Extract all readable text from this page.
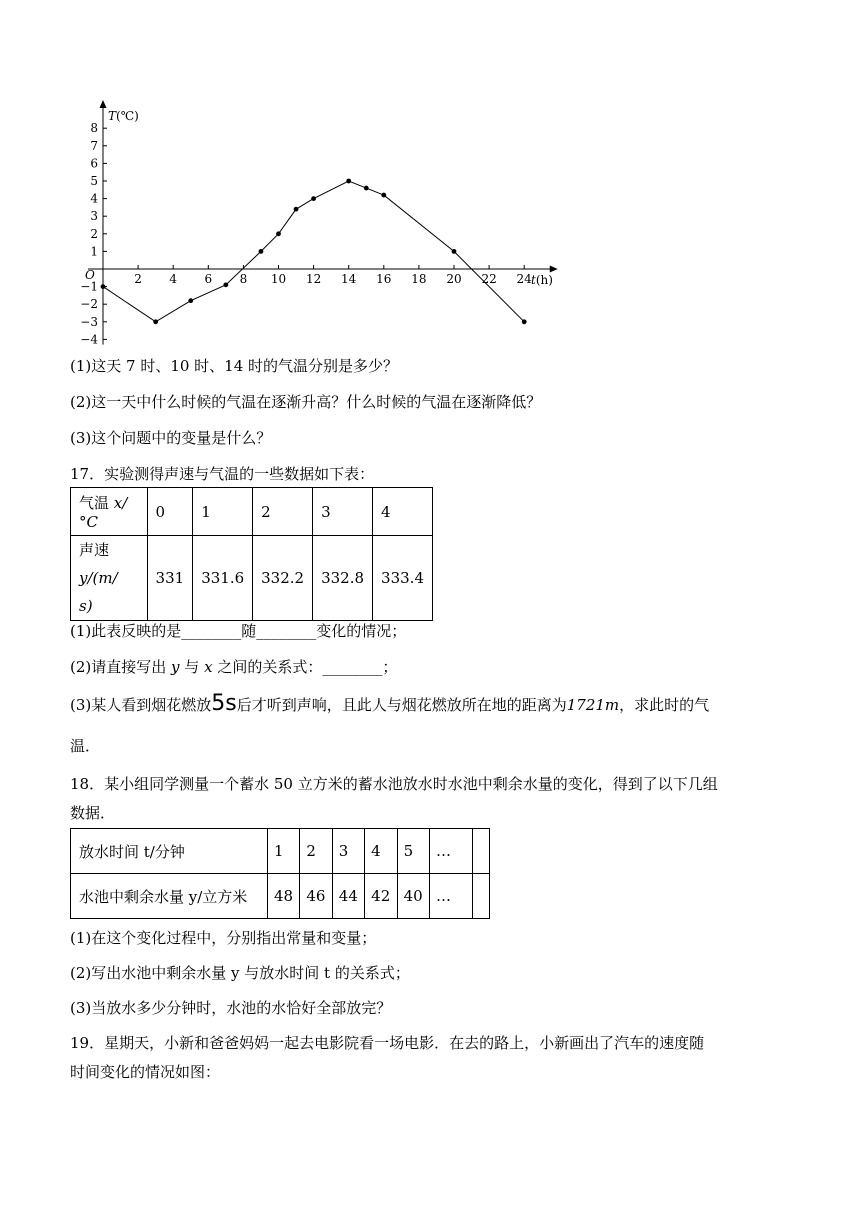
2 4 6 8 10 12 14 16 18 20 22 24
−4
−3
−2
−1
1
2
3
4
5
6
7
8
T(℃)
t(h)
O
(1)这天 7 时、10 时、14 时的气温分别是多少？
(2)这一天中什么时候的气温在逐渐升高？什么时候的气温在逐渐降低？
(3)这个问题中的变量是什么？
17．实验测得声速与气温的一些数据如下表：
气温 x/°C	0	1	2	3	4
声速 y/(m/
s)	331	331.6	332.2	332.8	333.4
(1)此表反映的是________随________变化的情况；
(2)请直接写出 y 与 x 之间的关系式：________；
(3)某人看到烟花燃放5s后才听到声响，且此人与烟花燃放所在地的距离为1721m，求此时的气
温．
18．某小组同学测量一个蓄水 50 立方米的蓄水池放水时水池中剩余水量的变化，得到了以下几组
数据．
放水时间 t/分钟	1	2	3	4	5	…	
水池中剩余水量 y/立方米	48	46	44	42	40	…	
(1)在这个变化过程中，分别指出常量和变量；
(2)写出水池中剩余水量 y 与放水时间 t 的关系式；
(3)当放水多少分钟时，水池的水恰好全部放完？
19．星期天，小新和爸爸妈妈一起去电影院看一场电影．在去的路上，小新画出了汽车的速度随
时间变化的情况如图：
